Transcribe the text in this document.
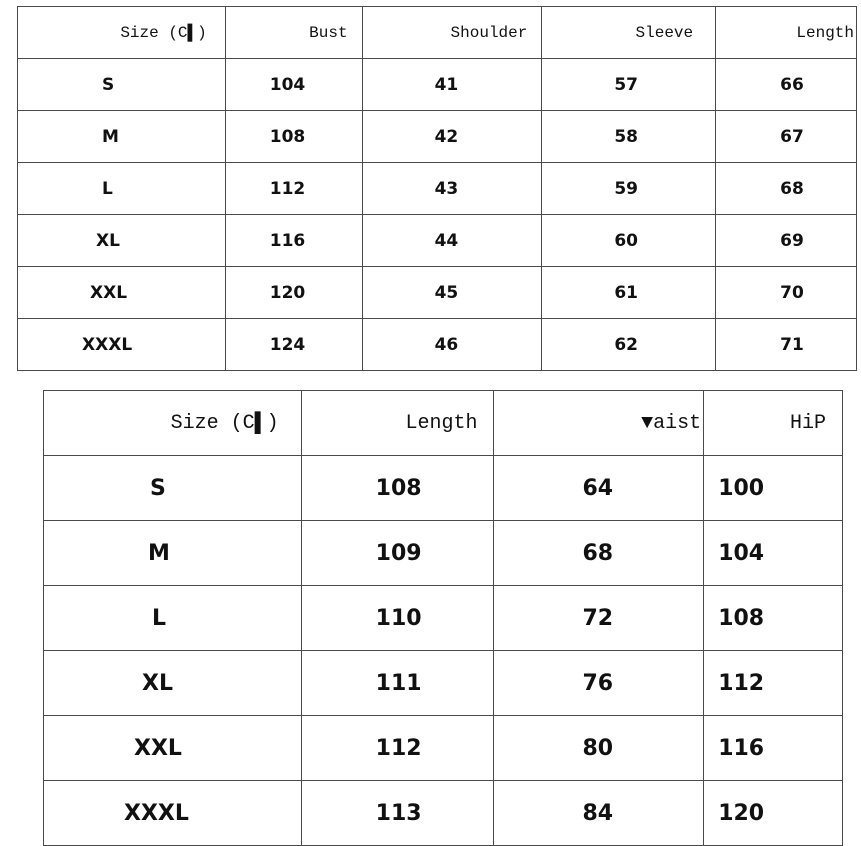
Size (C▌)	Bust	Shoulder	Sleeve	Length
S	104	41	57	66
M	108	42	58	67
L	112	43	59	68
XL	116	44	60	69
XXL	120	45	61	70
XXXL	124	46	62	71
Size (C▌)	Length	▼aist	HiP
S	108	64	100
M	109	68	104
L	110	72	108
XL	111	76	112
XXL	112	80	116
XXXL	113	84	120
